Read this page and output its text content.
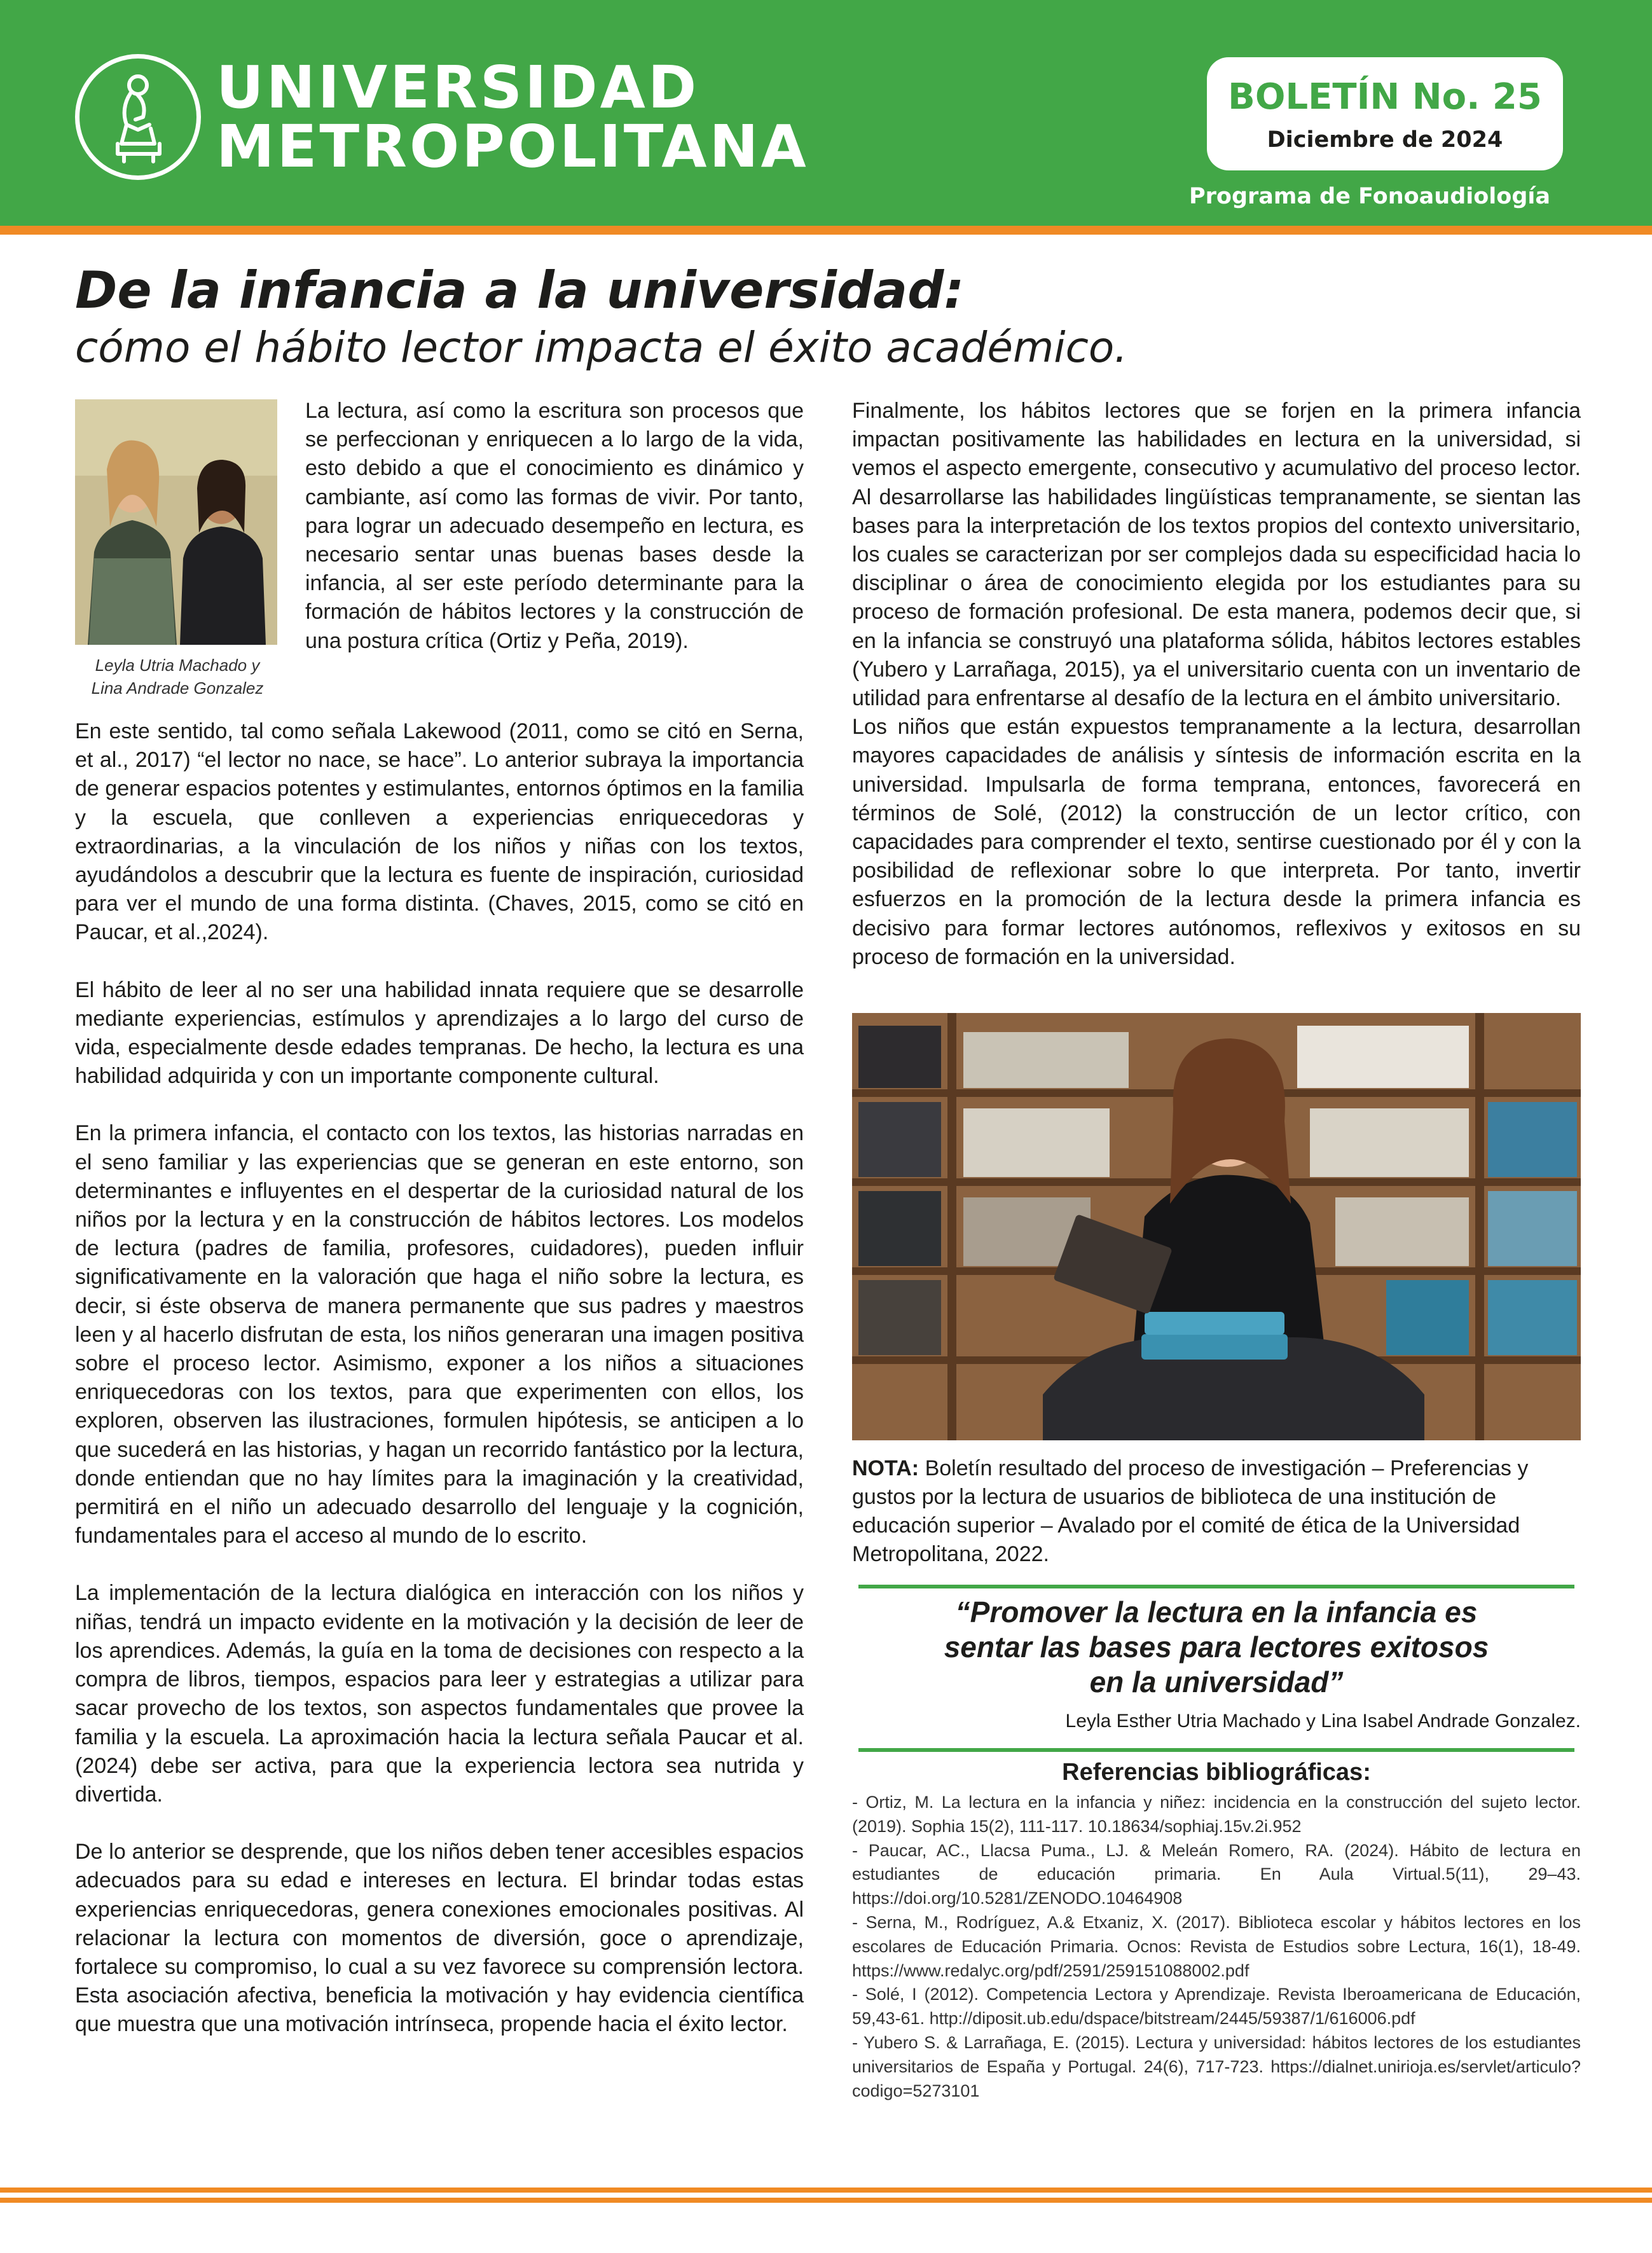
UNIVERSIDAD
METROPOLITANA
BOLETÍN No. 25
Diciembre de 2024
Programa de Fonoaudiología
De la infancia a la universidad:
cómo el hábito lector impacta el éxito académico.
Leyla Utria Machado y
Lina Andrade Gonzalez
La lectura, así como la escritura son procesos que se perfeccionan y enriquecen a lo largo de la vida, esto debido a que el conocimiento es dinámico y cambiante, así como las formas de vivir. Por tanto, para lograr un adecuado desempeño en lectura, es necesario sentar unas buenas bases desde la infancia, al ser este período determinante para la formación de hábitos lectores y la construcción de una postura crítica (Ortiz y Peña, 2019).

En este sentido, tal como señala Lakewood (2011, como se citó en Serna, et al., 2017) “el lector no nace, se hace”. Lo anterior subraya la importancia de generar espacios potentes y estimulantes, entornos óptimos en la familia y la escuela, que conlleven a experiencias enriquecedoras y extraordinarias, a la vinculación de los niños y niñas con los textos, ayudándolos a descubrir que la lectura es fuente de inspiración, curiosidad para ver el mundo de una forma distinta. (Chaves, 2015, como se citó en Paucar, et al.,2024).

El hábito de leer al no ser una habilidad innata requiere que se desarrolle mediante experiencias, estímulos y aprendizajes a lo largo del curso de vida, especialmente desde edades tempranas. De hecho, la lectura es una habilidad adquirida y con un importante componente cultural.

En la primera infancia, el contacto con los textos, las historias narradas en el seno familiar y las experiencias que se generan en este entorno, son determinantes e influyentes en el despertar de la curiosidad natural de los niños por la lectura y en la construcción de hábitos lectores. Los modelos de lectura (padres de familia, profesores, cuidadores), pueden influir significativamente en la valoración que haga el niño sobre la lectura, es decir, si éste observa de manera permanente que sus padres y maestros leen y al hacerlo disfrutan de esta, los niños generaran una imagen positiva sobre el proceso lector. Asimismo, exponer a los niños a situaciones enriquecedoras con los textos, para que experimenten con ellos, los exploren, observen las ilustraciones, formulen hipótesis, se anticipen a lo que sucederá en las historias, y hagan un recorrido fantástico por la lectura, donde entiendan que no hay límites para la imaginación y la creatividad, permitirá en el niño un adecuado desarrollo del lenguaje y la cognición, fundamentales para el acceso al mundo de lo escrito.

La implementación de la lectura dialógica en interacción con los niños y niñas, tendrá un impacto evidente en la motivación y la decisión de leer de los aprendices. Además, la guía en la toma de decisiones con respecto a la compra de libros, tiempos, espacios para leer y estrategias a utilizar para sacar provecho de los textos, son aspectos fundamentales que provee la familia y la escuela. La aproximación hacia la lectura señala Paucar et al. (2024) debe ser activa, para que la experiencia lectora sea nutrida y divertida.

De lo anterior se desprende, que los niños deben tener accesibles espacios adecuados para su edad e intereses en lectura. El brindar todas estas experiencias enriquecedoras, genera conexiones emocionales positivas. Al relacionar la lectura con momentos de diversión, goce o aprendizaje, fortalece su compromiso, lo cual a su vez favorece su comprensión lectora. Esta asociación afectiva, beneficia la motivación y hay evidencia científica que muestra que una motivación intrínseca, propende hacia el éxito lector.

Finalmente, los hábitos lectores que se forjen en la primera infancia impactan positivamente las habilidades en lectura en la universidad, si vemos el aspecto emergente, consecutivo y acumulativo del proceso lector. Al desarrollarse las habilidades lingüísticas tempranamente, se sientan las bases para la interpretación de los textos propios del contexto universitario, los cuales se caracterizan por ser complejos dada su especificidad hacia lo disciplinar o área de conocimiento elegida por los estudiantes para su proceso de formación profesional. De esta manera, podemos decir que, si en la infancia se construyó una plataforma sólida, hábitos lectores estables (Yubero y Larrañaga, 2015), ya el universitario cuenta con un inventario de utilidad para enfrentarse al desafío de la lectura en el ámbito universitario.

Los niños que están expuestos tempranamente a la lectura, desarrollan mayores capacidades de análisis y síntesis de información escrita en la universidad. Impulsarla de forma temprana, entonces, favorecerá en términos de Solé, (2012) la construcción de un lector crítico, con capacidades para comprender el texto, sentirse cuestionado por él y con la posibilidad de reflexionar sobre lo que interpreta. Por tanto, invertir esfuerzos en la promoción de la lectura desde la primera infancia es decisivo para formar lectores autónomos, reflexivos y exitosos en su proceso de formación en la universidad.

NOTA: Boletín resultado del proceso de investigación – Preferencias y gustos por la lectura de usuarios de biblioteca de una institución de educación superior – Avalado por el comité de ética de la Universidad Metropolitana, 2022.
“Promover la lectura en la infancia es
sentar las bases para lectores exitosos
en la universidad”
Leyla Esther Utria Machado y Lina Isabel Andrade Gonzalez.
Referencias bibliográficas:

- Ortiz, M. La lectura en la infancia y niñez: incidencia en la construcción del sujeto lector. (2019). Sophia 15(2), 111-117. 10.18634/sophiaj.15v.2i.952

- Paucar, AC., Llacsa Puma., LJ. & Meleán Romero, RA. (2024). Hábito de lectura en estudiantes de educación primaria. En Aula Virtual.5(11), 29–43. https://doi.org/10.5281/ZENODO.10464908

- Serna, M., Rodríguez, A.& Etxaniz, X. (2017). Biblioteca escolar y hábitos lectores en los escolares de Educación Primaria. Ocnos: Revista de Estudios sobre Lectura, 16(1), 18-49. https://www.redalyc.org/pdf/2591/259151088002.pdf

- Solé, I (2012). Competencia Lectora y Aprendizaje. Revista Iberoamericana de Educación, 59,43-61. http://diposit.ub.edu/dspace/bitstream/2445/59387/1/616006.pdf

- Yubero S. & Larrañaga, E. (2015). Lectura y universidad: hábitos lectores de los estudiantes universitarios de España y Portugal. 24(6), 717-723. https://dialnet.unirioja.es/servlet/articulo?codigo=5273101
